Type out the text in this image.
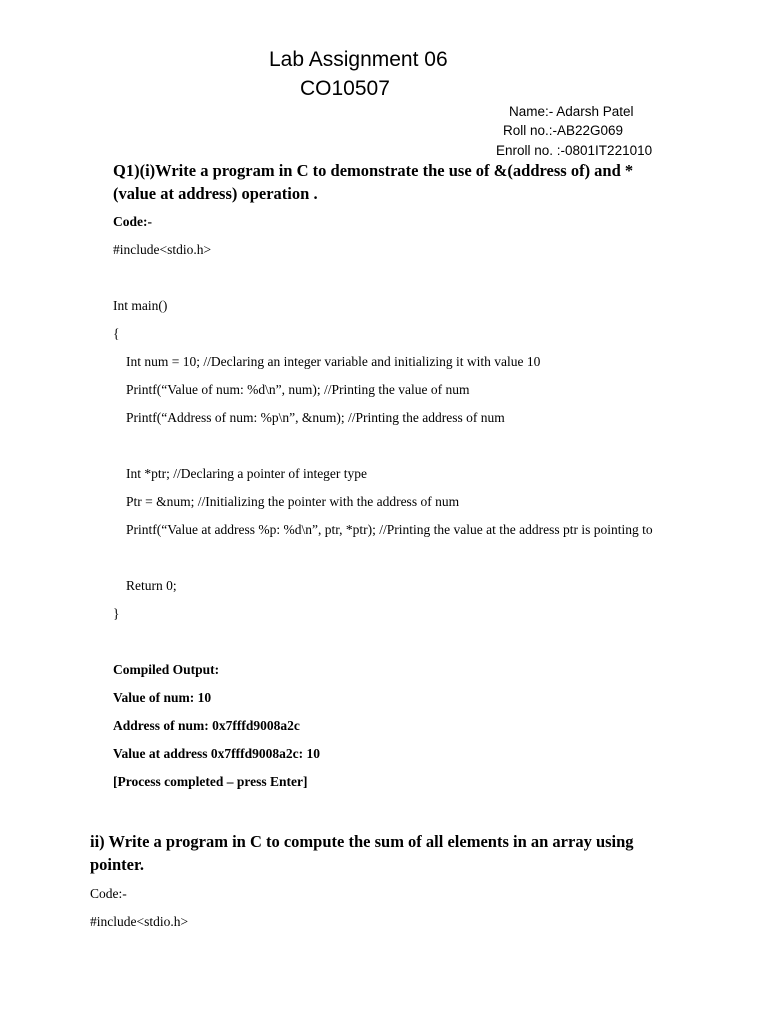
Lab Assignment 06
CO10507
Name:- Adarsh Patel
Roll no.:-AB22G069
Enroll no. :-0801IT221010
Q1)(i)Write a program in C to demonstrate the use of &(address of) and *(value at address) operation .
Code:-
#include<stdio.h>
Int main()
{
Int num = 10; //Declaring an integer variable and initializing it with value 10
Printf(“Value of num: %d\n”, num); //Printing the value of num
Printf(“Address of num: %p\n”, &num); //Printing the address of num
Int *ptr; //Declaring a pointer of integer type
Ptr = &num; //Initializing the pointer with the address of num
Printf(“Value at address %p: %d\n”, ptr, *ptr); //Printing the value at the address ptr is pointing to
Return 0;
}
Compiled Output:
Value of num: 10
Address of num: 0x7fffd9008a2c
Value at address 0x7fffd9008a2c: 10
[Process completed – press Enter]
ii) Write a program in C to compute the sum of all elements in an array using pointer.
Code:-
#include<stdio.h>
